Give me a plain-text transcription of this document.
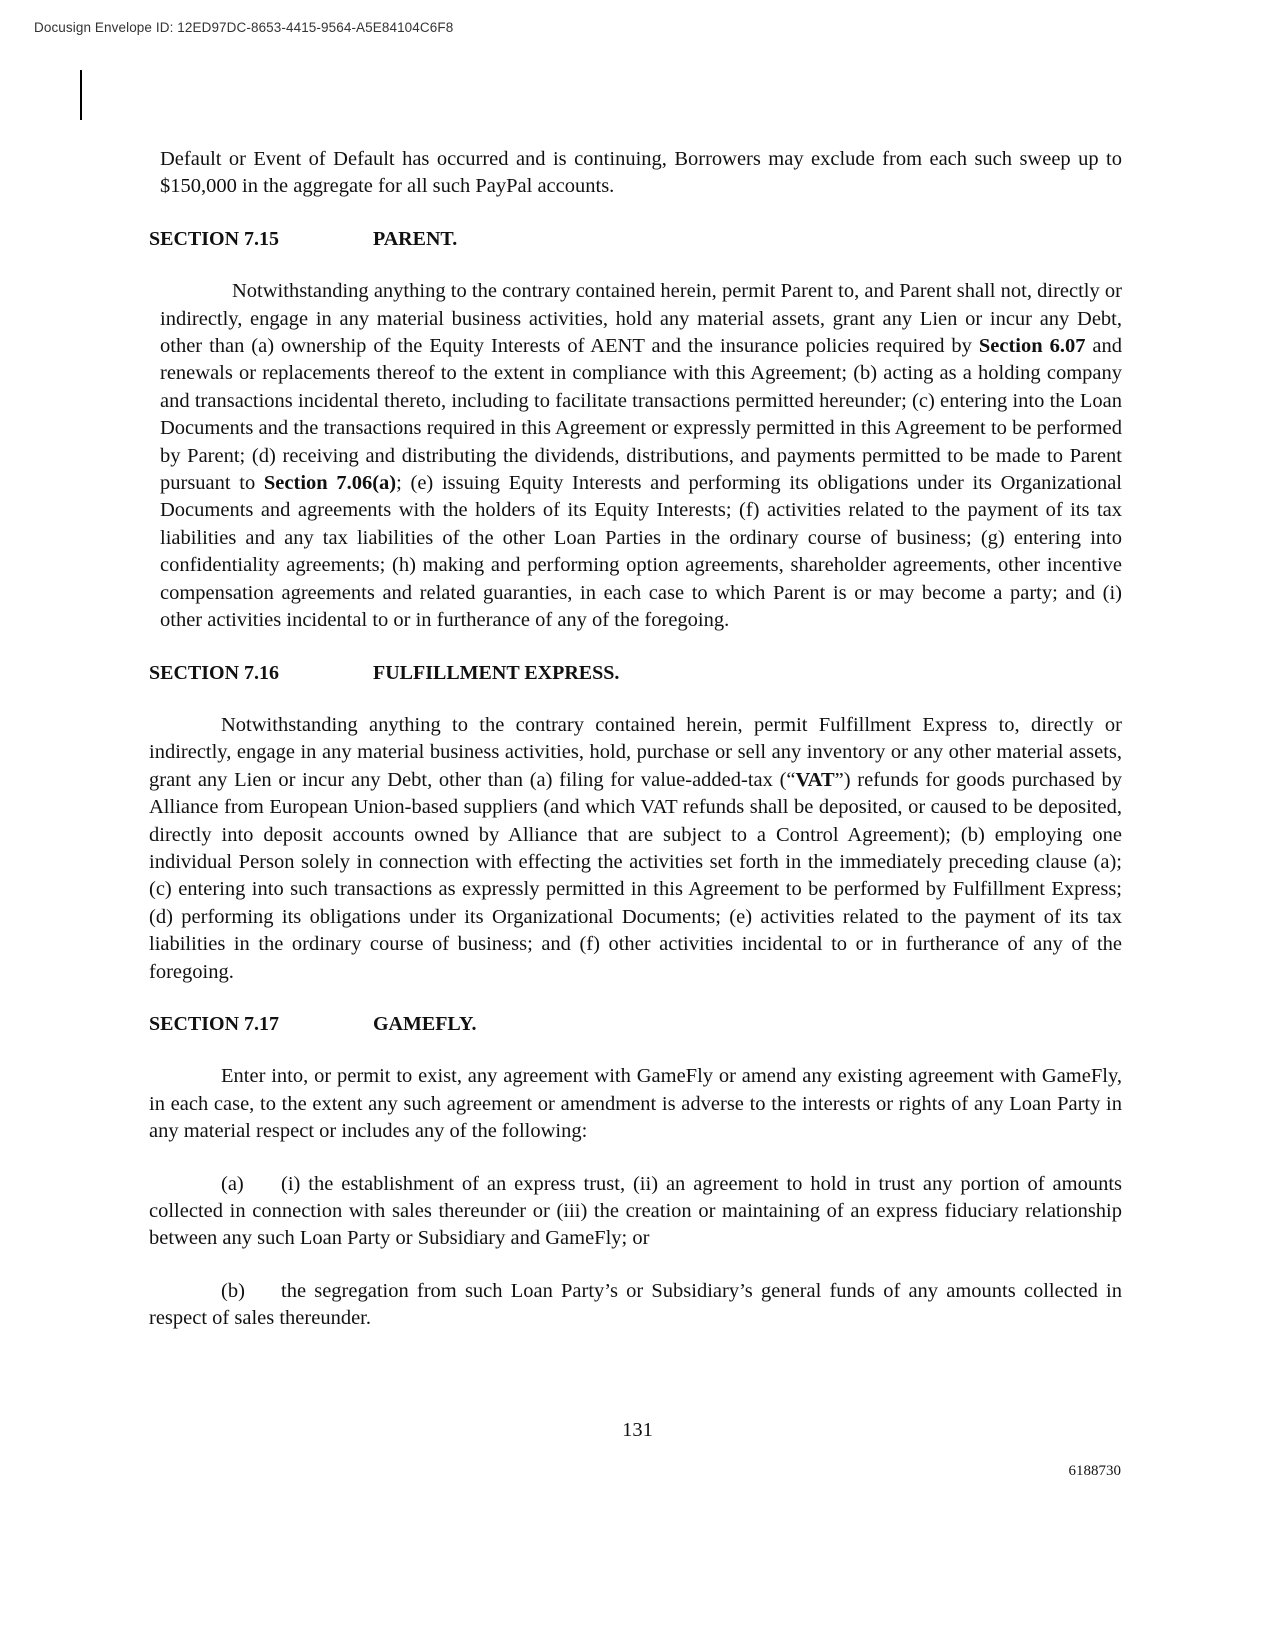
Docusign Envelope ID: 12ED97DC-8653-4415-9564-A5E84104C6F8

Default or Event of Default has occurred and is continuing, Borrowers may exclude from each such sweep up to $150,000 in the aggregate for all such PayPal accounts.

SECTION 7.15	PARENT.

Notwithstanding anything to the contrary contained herein, permit Parent to, and Parent shall not, directly or indirectly, engage in any material business activities, hold any material assets, grant any Lien or incur any Debt, other than (a) ownership of the Equity Interests of AENT and the insurance policies required by Section 6.07 and renewals or replacements thereof to the extent in compliance with this Agreement; (b) acting as a holding company and transactions incidental thereto, including to facilitate transactions permitted hereunder; (c) entering into the Loan Documents and the transactions required in this Agreement or expressly permitted in this Agreement to be performed by Parent; (d) receiving and distributing the dividends, distributions, and payments permitted to be made to Parent pursuant to Section 7.06(a); (e) issuing Equity Interests and performing its obligations under its Organizational Documents and agreements with the holders of its Equity Interests; (f) activities related to the payment of its tax liabilities and any tax liabilities of the other Loan Parties in the ordinary course of business; (g) entering into confidentiality agreements; (h) making and performing option agreements, shareholder agreements, other incentive compensation agreements and related guaranties, in each case to which Parent is or may become a party; and (i) other activities incidental to or in furtherance of any of the foregoing.

SECTION 7.16	FULFILLMENT EXPRESS.

Notwithstanding anything to the contrary contained herein, permit Fulfillment Express to, directly or indirectly, engage in any material business activities, hold, purchase or sell any inventory or any other material assets, grant any Lien or incur any Debt, other than (a) filing for value-added-tax (“VAT”) refunds for goods purchased by Alliance from European Union-based suppliers (and which VAT refunds shall be deposited, or caused to be deposited, directly into deposit accounts owned by Alliance that are subject to a Control Agreement); (b) employing one individual Person solely in connection with effecting the activities set forth in the immediately preceding clause (a); (c) entering into such transactions as expressly permitted in this Agreement to be performed by Fulfillment Express; (d) performing its obligations under its Organizational Documents; (e) activities related to the payment of its tax liabilities in the ordinary course of business; and (f) other activities incidental to or in furtherance of any of the foregoing.

SECTION 7.17	GAMEFLY.

Enter into, or permit to exist, any agreement with GameFly or amend any existing agreement with GameFly, in each case, to the extent any such agreement or amendment is adverse to the interests or rights of any Loan Party in any material respect or includes any of the following:

(a) (i) the establishment of an express trust, (ii) an agreement to hold in trust any portion of amounts collected in connection with sales thereunder or (iii) the creation or maintaining of an express fiduciary relationship between any such Loan Party or Subsidiary and GameFly; or

(b) the segregation from such Loan Party’s or Subsidiary’s general funds of any amounts collected in respect of sales thereunder.

131
6188730
